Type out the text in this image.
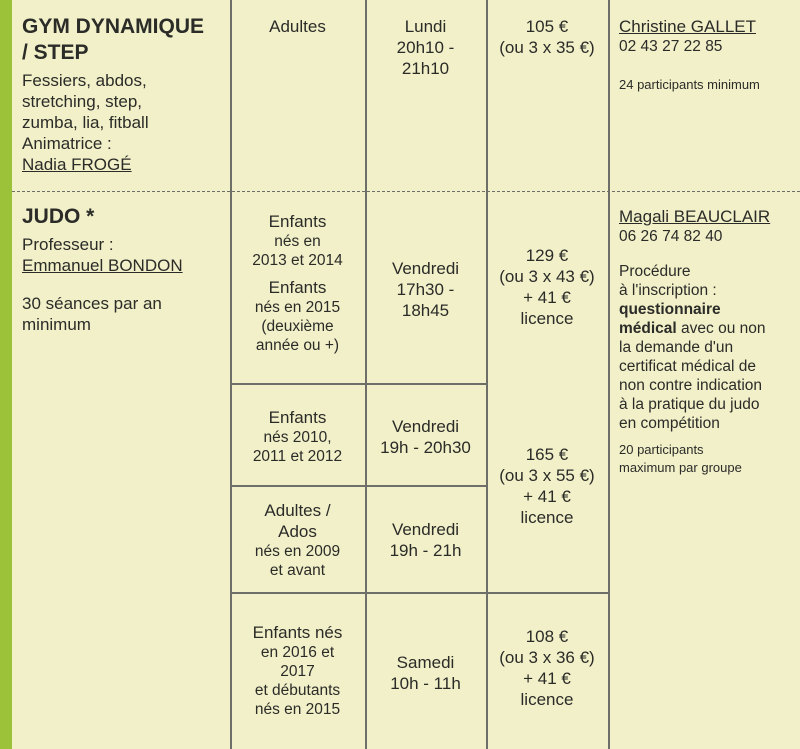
GYM DYNAMIQUE
/ STEP
Fessiers, abdos,
stretching, step,
zumba, lia, fitball
Animatrice :
Nadia FROGÉ
Adultes	Lundi
20h10 -
21h10
105 €
(ou 3 x 35 €)
Christine GALLET
02 43 27 22 85
24 participants minimum
JUDO *
Professeur :
Emmanuel BONDON
30 séances par an
minimum
Enfants
nés en
2013 et 2014
Enfants
nés en 2015
(deuxième
année ou +)
Vendredi
17h30 -
18h45
129 €
(ou 3 x 43 €)
+ 41 €
licence
Enfants
nés 2010,
2011 et 2012
Vendredi
19h - 20h30	165 €
(ou 3 x 55 €)
+ 41 €
licence
Adultes /
Ados
nés en 2009
et avant
Vendredi
19h - 21h
Enfants nés
en 2016 et
2017
et débutants
nés en 2015
Samedi
10h - 11h
108 €
(ou 3 x 36 €)
+ 41 €
licence
Magali BEAUCLAIR
06 26 74 82 40
Procédure
à l'inscription :
questionnaire
médical avec ou non
la demande d'un
certificat médical de
non contre indication
à la pratique du judo
en compétition
20 participants
maximum par groupe
